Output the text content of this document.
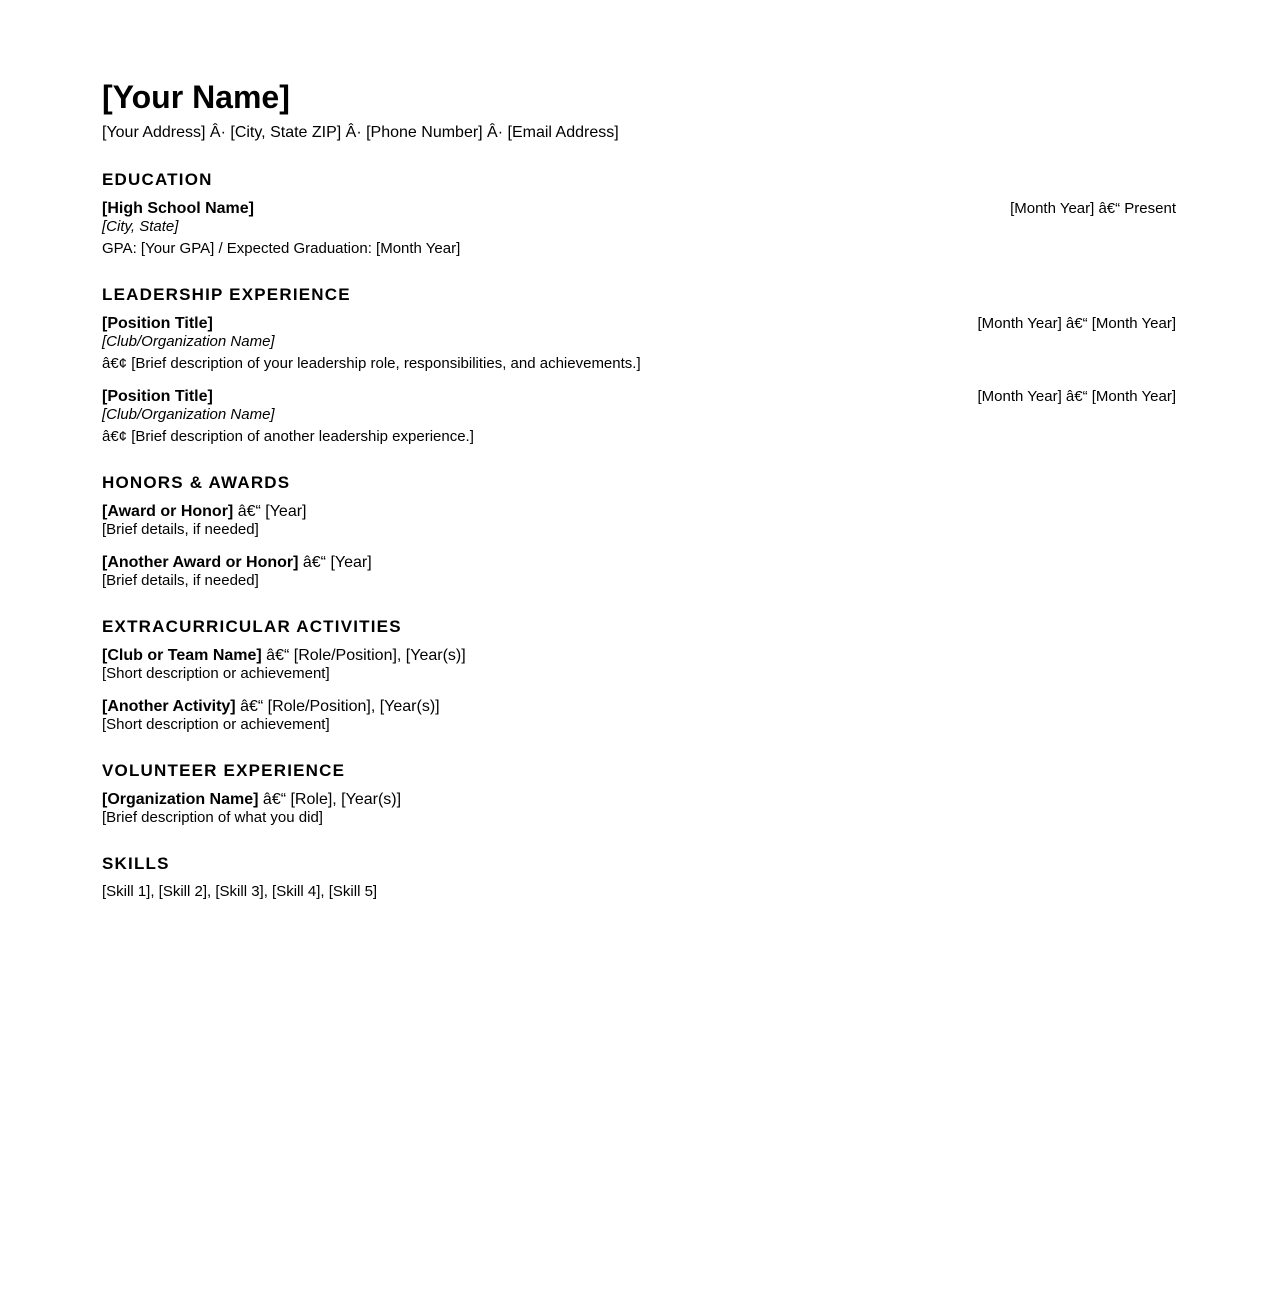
[Your Name]
[Your Address] Â· [City, State ZIP] Â· [Phone Number] Â· [Email Address]
EDUCATION
[High School Name]	[Month Year] â€“ Present
[City, State]
GPA: [Your GPA] / Expected Graduation: [Month Year]
LEADERSHIP EXPERIENCE
[Position Title]	[Month Year] â€“ [Month Year]
[Club/Organization Name]
â€¢ [Brief description of your leadership role, responsibilities, and achievements.]
[Position Title]	[Month Year] â€“ [Month Year]
[Club/Organization Name]
â€¢ [Brief description of another leadership experience.]
HONORS & AWARDS
[Award or Honor] â€“ [Year]
[Brief details, if needed]
[Another Award or Honor] â€“ [Year]
[Brief details, if needed]
EXTRACURRICULAR ACTIVITIES
[Club or Team Name] â€“ [Role/Position], [Year(s)]
[Short description or achievement]
[Another Activity] â€“ [Role/Position], [Year(s)]
[Short description or achievement]
VOLUNTEER EXPERIENCE
[Organization Name] â€“ [Role], [Year(s)]
[Brief description of what you did]
SKILLS
[Skill 1], [Skill 2], [Skill 3], [Skill 4], [Skill 5]
